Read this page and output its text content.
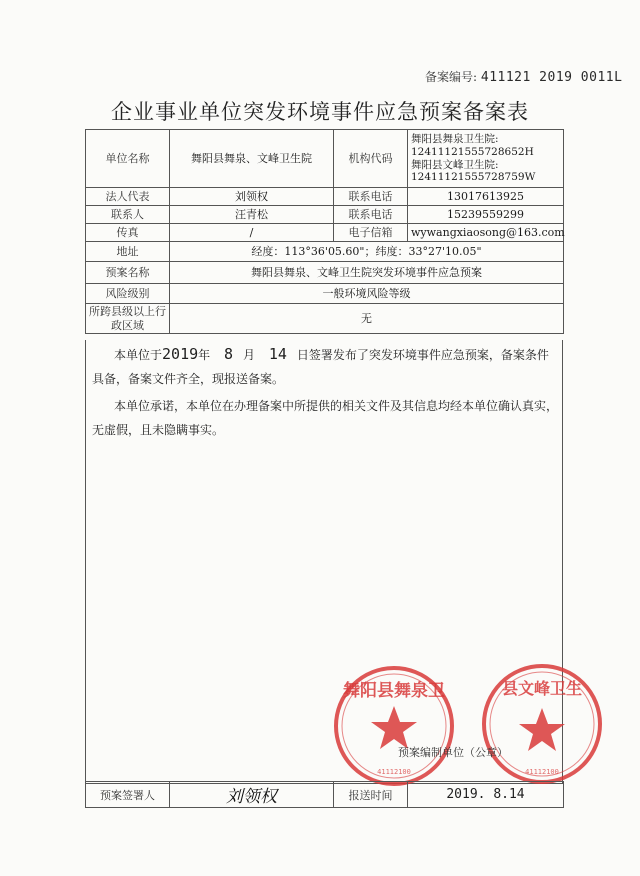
备案编号: 411121 2019 0011L
企业事业单位突发环境事件应急预案备案表
单位名称	舞阳县舞泉、文峰卫生院	机构代码	舞阳县舞泉卫生院:
12411121555728652H
舞阳县文峰卫生院:
12411121555728759W

法人代表	刘领权	联系电话	13017613925
联系人	汪青松	联系电话	15239559299
传真	/	电子信箱	wywangxiaosong@163.com
地址	经度：113°36'05.60"；纬度：33°27'10.05"		
预案名称	舞阳县舞泉、文峰卫生院突发环境事件应急预案		
风险级别	一般环境风险等级		
所跨县级以上行政区域	无		
本单位于2019年 8 月 14 日签署发布了突发环境事件应急预案，备案条件具备，备案文件齐全，现报送备案。
本单位承诺，本单位在办理备案中所提供的相关文件及其信息均经本单位确认真实，无虚假，且未隐瞒事实。
舞阳县舞泉卫
41112100
县文峰卫生
41112100
预案编制单位（公章）
预案签署人	刘领权	报送时间	2019. 8.14
